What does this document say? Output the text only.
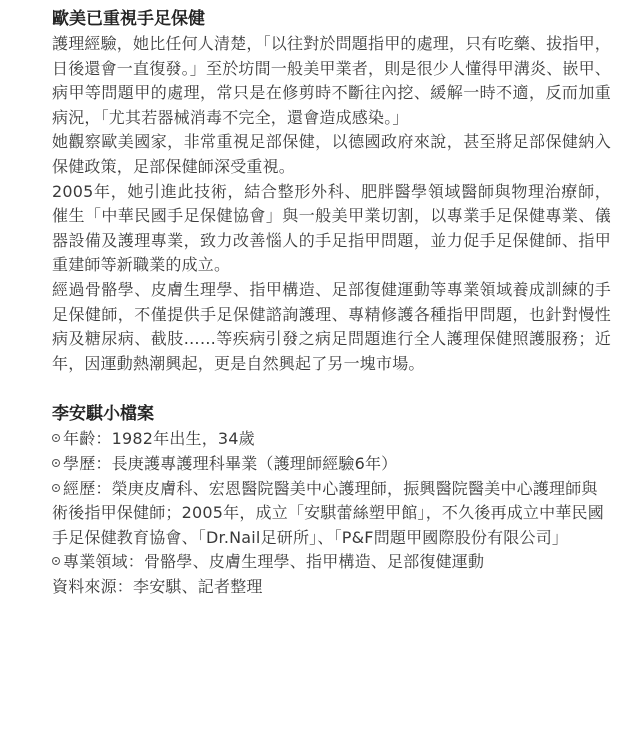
歐美已重視手足保健

護理經驗，她比任何人清楚，「以往對於問題指甲的處理，只有吃藥、拔指甲，日後還會一直復發。」至於坊間一般美甲業者，則是很少人懂得甲溝炎、嵌甲、病甲等問題甲的處理，常只是在修剪時不斷往內挖、緩解一時不適，反而加重病況，「尤其若器械消毒不完全，還會造成感染。」

她觀察歐美國家，非常重視足部保健，以德國政府來說，甚至將足部保健納入保健政策，足部保健師深受重視。

2005年，她引進此技術，結合整形外科、肥胖醫學領域醫師與物理治療師，催生「中華民國手足保健協會」與一般美甲業切割，以專業手足保健專業、儀器設備及護理專業，致力改善惱人的手足指甲問題，並力促手足保健師、指甲重建師等新職業的成立。

經過骨骼學、皮膚生理學、指甲構造、足部復健運動等專業領域養成訓練的手足保健師，不僅提供手足保健諮詢護理、專精修護各種指甲問題，也針對慢性病及糖尿病、截肢……等疾病引發之病足問題進行全人護理保健照護服務；近年，因運動熱潮興起，更是自然興起了另一塊市場。

李安騏小檔案
年齡：1982年出生，34歲
學歷：長庚護專護理科畢業（護理師經驗6年）
經歷：榮庚皮膚科、宏恩醫院醫美中心護理師，振興醫院醫美中心護理師與術後指甲保健師；2005年，成立「安騏蕾絲塑甲館」，不久後再成立中華民國手足保健教育協會、「Dr.Nail足研所」、「P&F問題甲國際股份有限公司」
專業領域：骨骼學、皮膚生理學、指甲構造、足部復健運動
資料來源：李安騏、記者整理
